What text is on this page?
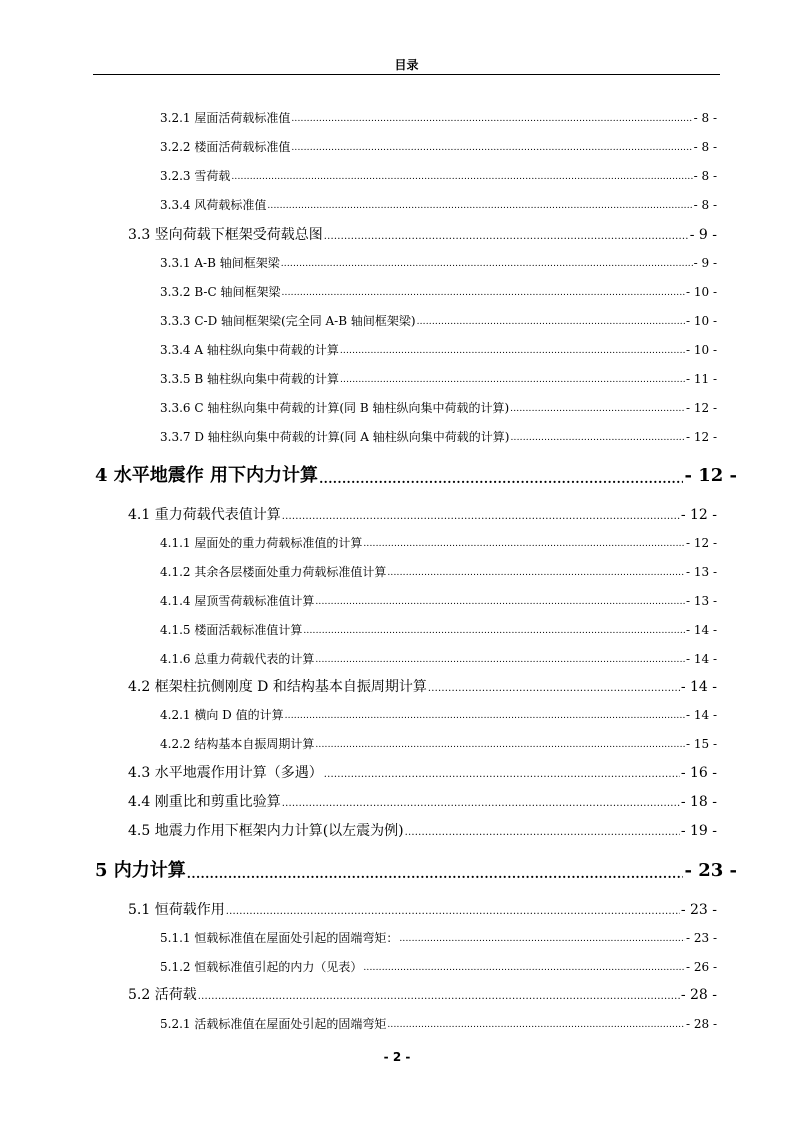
目录
3.2.1 屋面活荷载标准值 .....	- 8 -
3.2.2 楼面活荷载标准值 .....	- 8 -
3.2.3 雪荷载 .....	- 8 -
3.3.4 风荷载标准值 .....	- 8 -
3.3 竖向荷载下框架受荷载总图 .....	- 9 -
3.3.1 A-B 轴间框架梁 .....	- 9 -
3.3.2 B-C 轴间框架梁 .....	- 10 -
3.3.3 C-D 轴间框架梁(完全同 A-B 轴间框架梁) .....	- 10 -
3.3.4 A 轴柱纵向集中荷载的计算 .....	- 10 -
3.3.5 B 轴柱纵向集中荷载的计算 .....	- 11 -
3.3.6 C 轴柱纵向集中荷载的计算(同 B 轴柱纵向集中荷载的计算) .....	- 12 -
3.3.7 D 轴柱纵向集中荷载的计算(同 A 轴柱纵向集中荷载的计算) .....	- 12 -
4 水平地震作 用下内力计算 .....	- 12 -
4.1 重力荷载代表值计算 .....	- 12 -
4.1.1 屋面处的重力荷载标准值的计算 .....	- 12 -
4.1.2 其余各层楼面处重力荷载标准值计算 .....	- 13 -
4.1.4 屋顶雪荷载标准值计算 .....	- 13 -
4.1.5 楼面活载标准值计算 .....	- 14 -
4.1.6 总重力荷载代表的计算 .....	- 14 -
4.2 框架柱抗侧刚度 D 和结构基本自振周期计算 .....	- 14 -
4.2.1 横向 D 值的计算 .....	- 14 -
4.2.2 结构基本自振周期计算 .....	- 15 -
4.3 水平地震作用计算（多遇） .....	- 16 -
4.4 刚重比和剪重比验算 .....	- 18 -
4.5 地震力作用下框架内力计算(以左震为例) .....	- 19 -
5 内力计算 .....	- 23 -
5.1 恒荷载作用 .....	- 23 -
5.1.1 恒载标准值在屋面处引起的固端弯矩： .....	- 23 -
5.1.2 恒载标准值引起的内力（见表） .....	- 26 -
5.2 活荷载 .....	- 28 -
5.2.1 活载标准值在屋面处引起的固端弯矩 .....	- 28 -
- 2 -
